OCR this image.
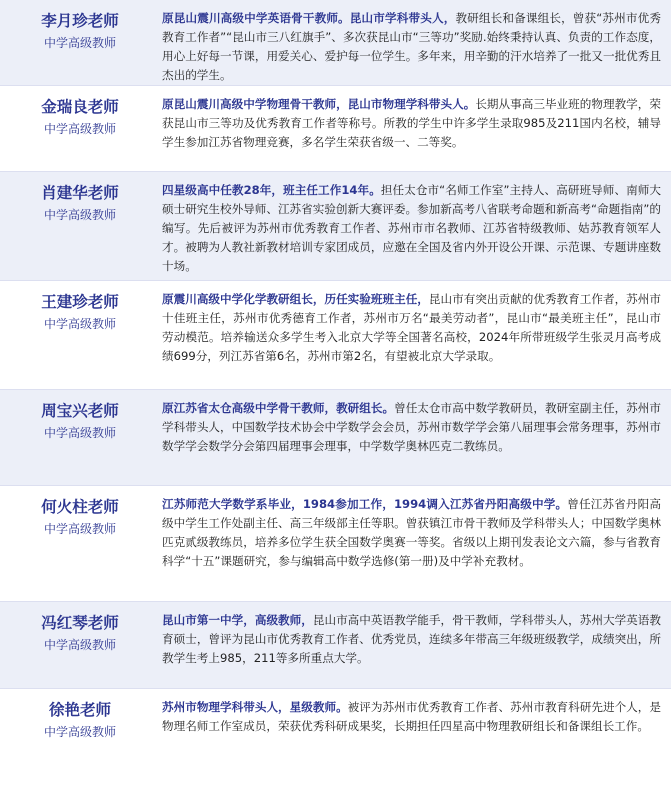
李月珍老师
中学高级教师
原昆山震川高级中学英语骨干教师。昆山市学科带头人，教研组长和备课组长，曾获“苏州市优秀教育工作者”“昆山市三八红旗手”、多次获昆山市“三等功”奖励.始终秉持认真、负责的工作态度，用心上好每一节课，用爱关心、爱护每一位学生。多年来，用辛勤的汗水培养了一批又一批优秀且杰出的学生。
金瑞良老师
中学高级教师
原昆山震川高级中学物理骨干教师，昆山市物理学科带头人。长期从事高三毕业班的物理教学，荣获昆山市三等功及优秀教育工作者等称号。所教的学生中许多学生录取985及211国内名校，辅导学生参加江苏省物理竞赛，多名学生荣获省级一、二等奖。
肖建华老师
中学高级教师
四星级高中任教28年，班主任工作14年。担任太仓市“名师工作室”主持人、高研班导师、南师大硕士研究生校外导师、江苏省实验创新大赛评委。参加新高考八省联考命题和新高考“命题指南”的编写。先后被评为苏州市优秀教育工作者、苏州市市名教师、江苏省特级教师、姑苏教育领军人才。被聘为人教社新教材培训专家团成员，应邀在全国及省内外开设公开课、示范课、专题讲座数十场。
王建珍老师
中学高级教师
原震川高级中学化学教研组长，历任实验班班主任，昆山市有突出贡献的优秀教育工作者，苏州市十佳班主任，苏州市优秀德育工作者，苏州市万名“最美劳动者”，昆山市“最美班主任”，昆山市劳动模范。培养输送众多学生考入北京大学等全国著名高校，2024年所带班级学生张灵月高考成绩699分，列江苏省第6名，苏州市第2名，有望被北京大学录取。
周宝兴老师
中学高级教师
原江苏省太仓高级中学骨干教师，教研组长。曾任太仓市高中数学教研员，教研室副主任，苏州市学科带头人，中国数学技术协会中学数学会会员，苏州市数学学会第八届理事会常务理事，苏州市数学学会数学分会第四届理事会理事，中学数学奥林匹克二教练员。
何火柱老师
中学高级教师
江苏师范大学数学系毕业，1984参加工作，1994调入江苏省丹阳高级中学。曾任江苏省丹阳高级中学生工作处副主任、高三年级部主任等职。曾获镇江市骨干教师及学科带头人；中国数学奥林匹克贰级教练员，培养多位学生获全国数学奥赛一等奖。省级以上期刊发表论文六篇，参与省教育科学“十五”课题研究，参与编辑高中数学选修(第一册)及中学补充教材。
冯红琴老师
中学高级教师
昆山市第一中学，高级教师，昆山市高中英语教学能手，骨干教师，学科带头人，苏州大学英语教育硕士，曾评为昆山市优秀教育工作者、优秀党员，连续多年带高三年级班级教学，成绩突出，所教学生考上985，211等多所重点大学。
徐艳老师
中学高级教师
苏州市物理学科带头人，星级教师。被评为苏州市优秀教育工作者、苏州市教育科研先进个人，是物理名师工作室成员，荣获优秀科研成果奖，长期担任四星高中物理教研组长和备课组长工作。
